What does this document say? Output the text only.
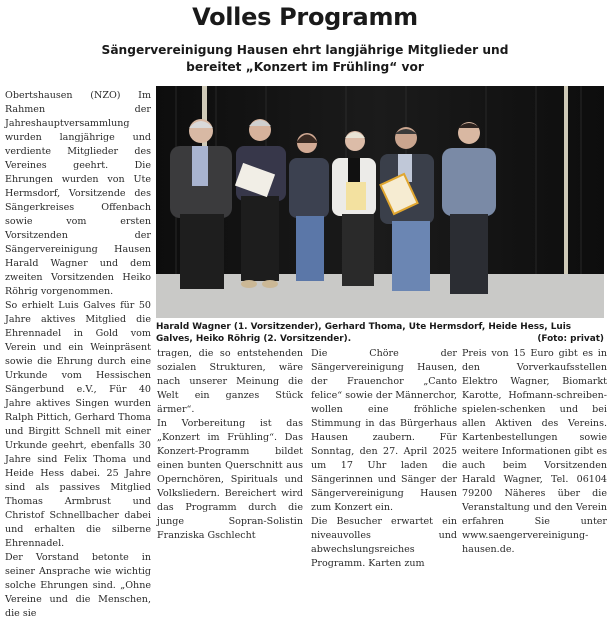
Volles Programm
Sängervereinigung Hausen ehrt langjährige Mitglieder und
bereitet „Konzert im Frühling“ vor

Obertshausen (NZO) Im Rahmen der Jahreshauptversammlung wurden langjährige und verdiente Mitglieder des Vereines geehrt. Die Ehrungen wurden von Ute Hermsdorf, Vorsitzende des Sängerkreises Offenbach sowie vom ersten Vorsitzenden der Sängervereinigung Hausen Harald Wagner und dem zweiten Vorsitzenden Heiko Röhrig vorgenommen.

So erhielt Luis Galves für 50 Jahre aktives Mitglied die Ehrennadel in Gold vom Verein und ein Weinpräsent sowie die Ehrung durch eine Urkunde vom Hessischen Sängerbund e.V., Für 40 Jahre aktives Singen wurden Ralph Pittich, Gerhard Thoma und Birgitt Schnell mit einer Urkunde geehrt, ebenfalls 30 Jahre sind Felix Thoma und Heide Hess dabei. 25 Jahre sind als passives Mitglied Thomas Armbrust und Christof Schnellbacher dabei und erhalten die silberne Ehrennadel.

Der Vorstand betonte in seiner Ansprache wie wichtig solche Ehrungen sind. „Ohne Vereine und die Menschen, die sie

Harald Wagner (1. Vorsitzender), Gerhard Thoma, Ute Hermsdorf, Heide Hess, Luis Galves, Heiko Röhrig (2. Vorsitzender).	(Foto: privat)

tragen, die so entstehenden sozialen Strukturen, wäre nach unserer Meinung die Welt ein ganzes Stück ärmer“.

In Vorbereitung ist das „Konzert im Frühling“. Das Konzert-Programm bildet einen bunten Querschnitt aus Opernchören, Spirituals und Volksliedern. Bereichert wird das Programm durch die junge Sopran-Solistin Franziska Gschlecht

Die Chöre der Sängervereinigung Hausen, der Frauenchor „Canto felice“ sowie der Männerchor, wollen eine fröhliche Stimmung in das Bürgerhaus Hausen zaubern. Für Sonntag, den 27. April 2025 um 17 Uhr laden die Sängerinnen und Sänger der Sängervereinigung Hausen zum Konzert ein.

Die Besucher erwartet ein niveauvolles und abwechslungsreiches Programm. Karten zum

Preis von 15 Euro gibt es in den Vorverkaufsstellen Elektro Wagner, Biomarkt Karotte, Hofmann-schreiben-spielen-schenken und bei allen Aktiven des Vereins. Kartenbestellungen sowie weitere Informationen gibt es auch beim Vorsitzenden Harald Wagner, Tel. 06104 79200 Näheres über die Veranstaltung und den Verein erfahren Sie unter www.saengervereinigung-hausen.de.
